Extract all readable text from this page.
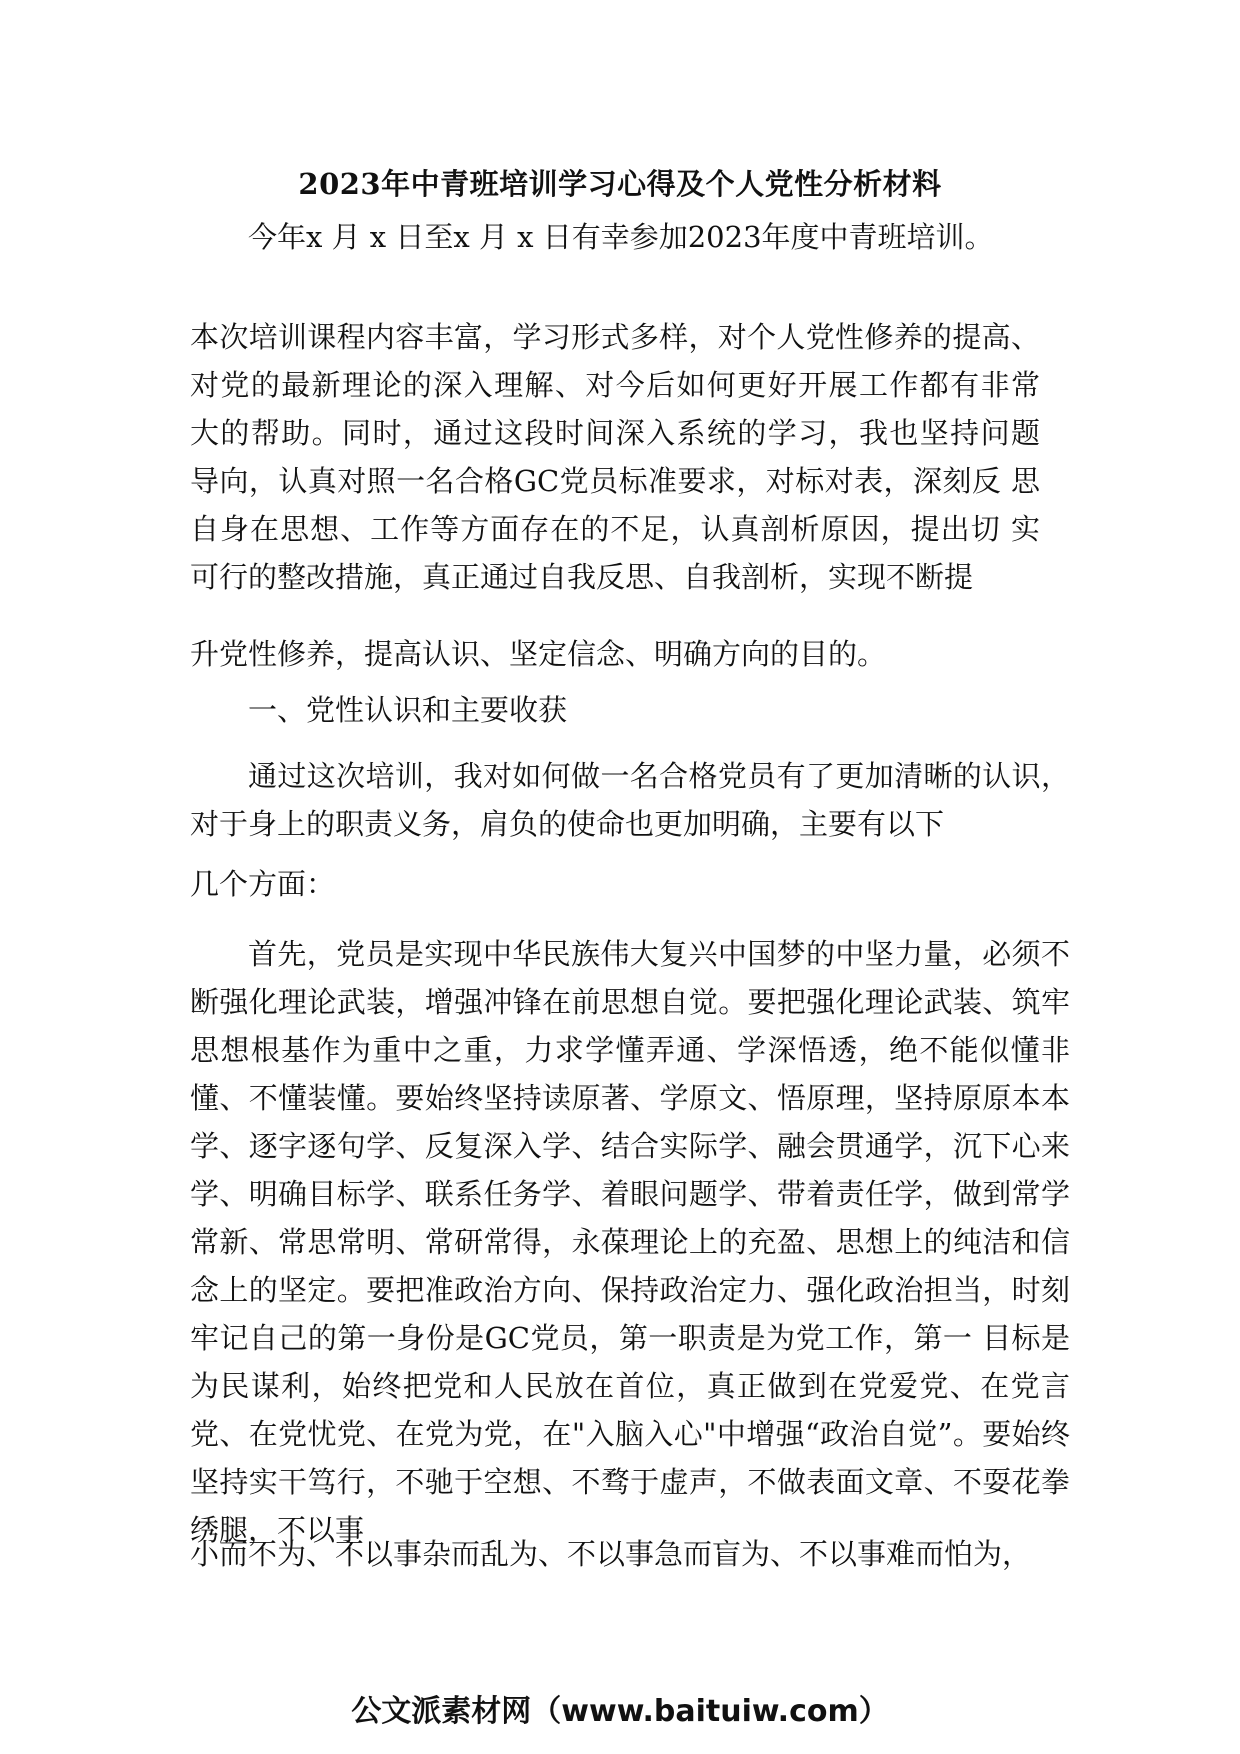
2023年中青班培训学习心得及个人党性分析材料

今年x 月 x 日至x 月 x 日有幸参加2023年度中青班培训。

本次培训课程内容丰富，学习形式多样，对个人党性修养的提高、 对党的最新理论的深入理解、对今后如何更好开展工作都有非常 大的帮助。同时，通过这段时间深入系统的学习，我也坚持问题 导向，认真对照一名合格GC党员标准要求，对标对表，深刻反 思自身在思想、工作等方面存在的不足，认真剖析原因，提出切 实可行的整改措施，真正通过自我反思、自我剖析，实现不断提

升党性修养，提高认识、坚定信念、明确方向的目的。

一、党性认识和主要收获

通过这次培训，我对如何做一名合格党员有了更加清晰的认识，对于身上的职责义务，肩负的使命也更加明确，主要有以下

几个方面：

首先，党员是实现中华民族伟大复兴中国梦的中坚力量，必须不断强化理论武装，增强冲锋在前思想自觉。要把强化理论武装、筑牢思想根基作为重中之重，力求学懂弄通、学深悟透，绝不能似懂非懂、不懂装懂。要始终坚持读原著、学原文、悟原理，坚持原原本本学、逐字逐句学、反复深入学、结合实际学、融会贯通学，沉下心来学、明确目标学、联系任务学、着眼问题学、带着责任学，做到常学常新、常思常明、常研常得，永葆理论上的充盈、思想上的纯洁和信念上的坚定。要把准政治方向、保持政治定力、强化政治担当，时刻牢记自己的第一身份是GC党员，第一职责是为党工作，第一 目标是为民谋利，始终把党和人民放在首位，真正做到在党爱党、在党言党、在党忧党、在党为党，在"入脑入心"中增强“政治自觉”。要始终坚持实干笃行，不驰于空想、不骛于虚声，不做表面文章、不耍花拳绣腿，不以事

小而不为、不以事杂而乱为、不以事急而盲为、不以事难而怕为，

公文派素材网（www.baituiw.com）
